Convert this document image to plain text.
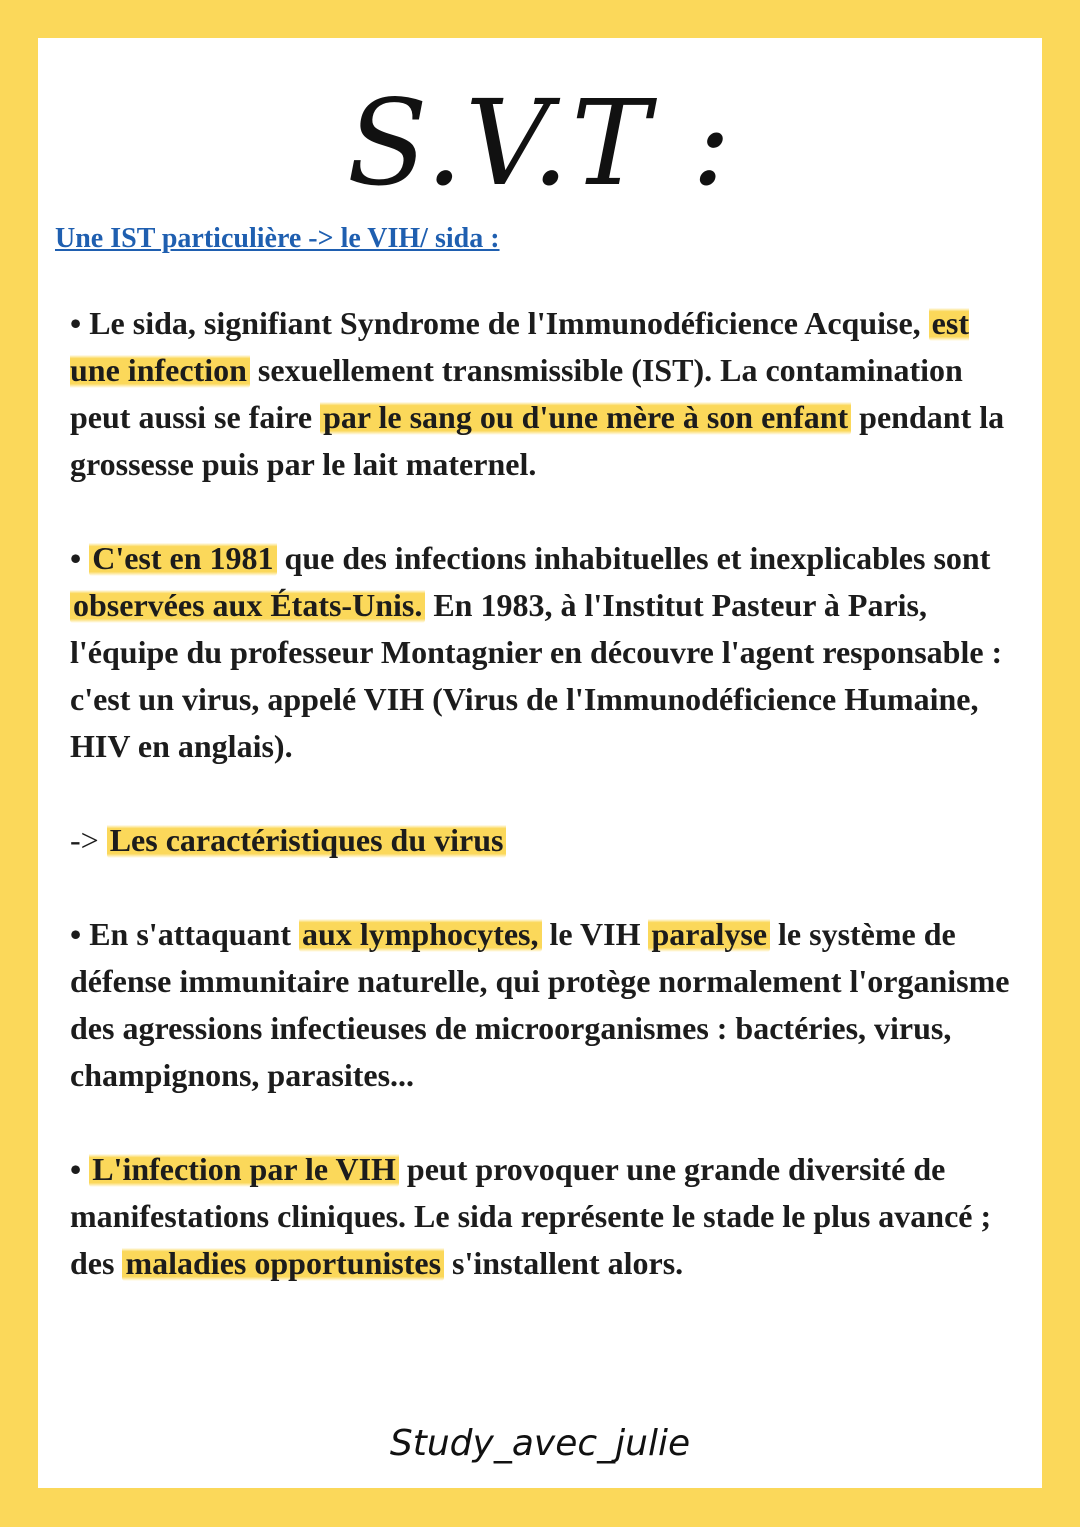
S.V.T :
Une IST particulière -> le VIH/ sida :

• Le sida, signifiant Syndrome de l'Immunodéficience Acquise, est une infection sexuellement transmissible (IST). La contamination peut aussi se faire par le sang ou d'une mère à son enfant pendant la grossesse puis par le lait maternel.

• C'est en 1981 que des infections inhabituelles et inexplicables sont observées aux États-Unis. En 1983, à l'Institut Pasteur à Paris, l'équipe du professeur Montagnier en découvre l'agent responsable : c'est un virus, appelé VIH (Virus de l'Immunodéficience Humaine, HIV en anglais).

-> Les caractéristiques du virus

• En s'attaquant aux lymphocytes, le VIH paralyse le système de défense immunitaire naturelle, qui protège normalement l'organisme des agressions infectieuses de microorganismes : bactéries, virus, champignons, parasites...

• L'infection par le VIH peut provoquer une grande diversité de manifestations cliniques. Le sida représente le stade le plus avancé ; des maladies opportunistes s'installent alors.

Study_avec_julie
